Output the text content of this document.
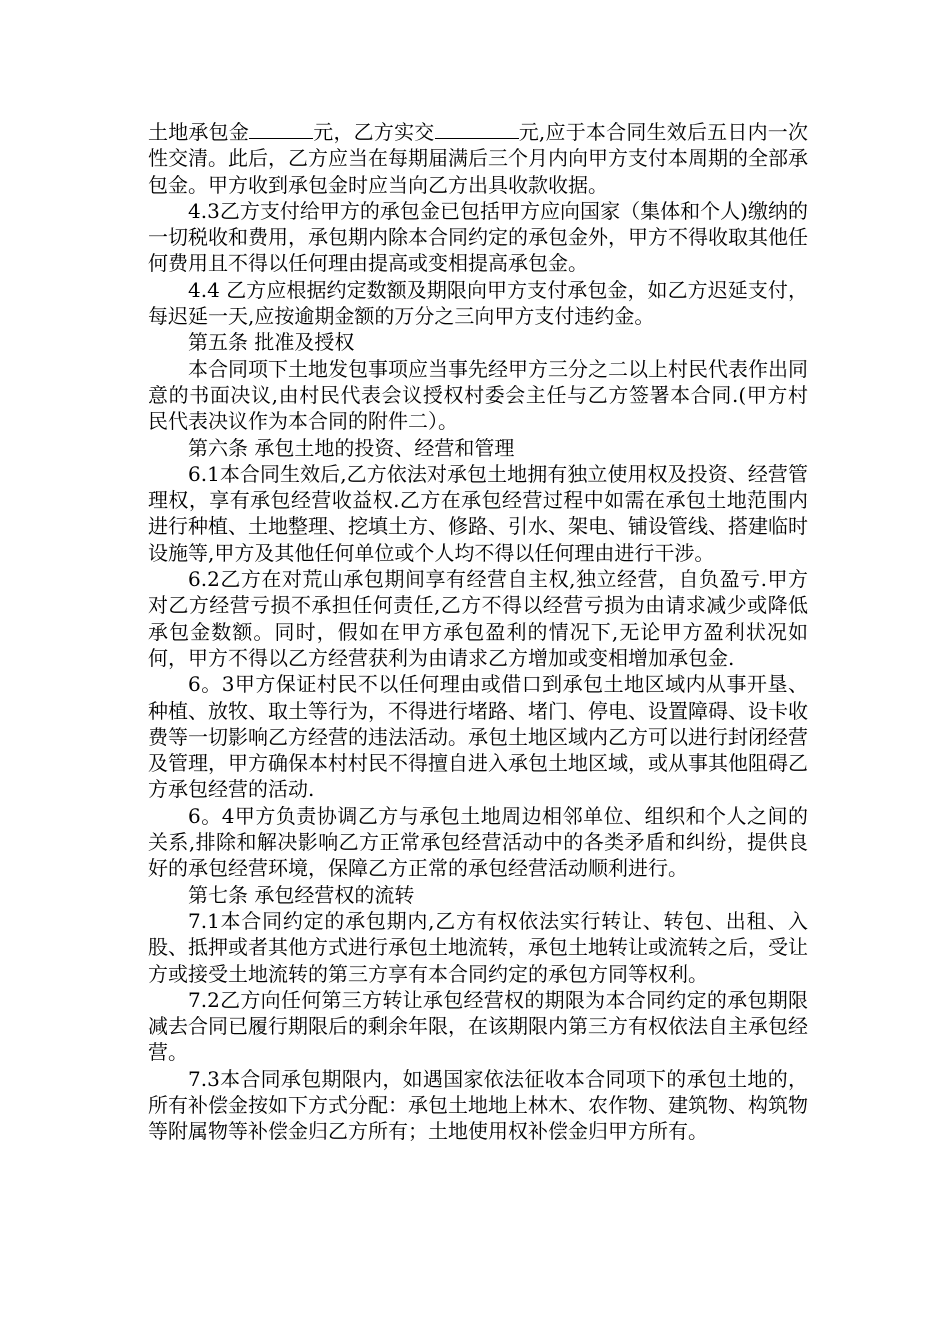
土地承包金	元，乙方实交	元,应于本合同生效后五日内一次性交清。此后，乙方应当在每期届满后三个月内向甲方支付本周期的全部承包金。甲方收到承包金时应当向乙方出具收款收据。

4.3乙方支付给甲方的承包金已包括甲方应向国家（集体和个人)缴纳的一切税收和费用，承包期内除本合同约定的承包金外，甲方不得收取其他任何费用且不得以任何理由提高或变相提高承包金。

4.4 乙方应根据约定数额及期限向甲方支付承包金，如乙方迟延支付，每迟延一天,应按逾期金额的万分之三向甲方支付违约金。

第五条 批准及授权

本合同项下土地发包事项应当事先经甲方三分之二以上村民代表作出同意的书面决议,由村民代表会议授权村委会主任与乙方签署本合同.(甲方村民代表决议作为本合同的附件二）。

第六条 承包土地的投资、经营和管理

6.1本合同生效后,乙方依法对承包土地拥有独立使用权及投资、经营管理权，享有承包经营收益权.乙方在承包经营过程中如需在承包土地范围内进行种植、土地整理、挖填土方、修路、引水、架电、铺设管线、搭建临时设施等,甲方及其他任何单位或个人均不得以任何理由进行干涉。

6.2乙方在对荒山承包期间享有经营自主权,独立经营，自负盈亏.甲方对乙方经营亏损不承担任何责任,乙方不得以经营亏损为由请求减少或降低承包金数额。同时，假如在甲方承包盈利的情况下,无论甲方盈利状况如何，甲方不得以乙方经营获利为由请求乙方增加或变相增加承包金.

6。3甲方保证村民不以任何理由或借口到承包土地区域内从事开垦、种植、放牧、取土等行为，不得进行堵路、堵门、停电、设置障碍、设卡收费等一切影响乙方经营的违法活动。承包土地区域内乙方可以进行封闭经营及管理，甲方确保本村村民不得擅自进入承包土地区域，或从事其他阻碍乙方承包经营的活动.

6。4甲方负责协调乙方与承包土地周边相邻单位、组织和个人之间的关系,排除和解决影响乙方正常承包经营活动中的各类矛盾和纠纷，提供良好的承包经营环境，保障乙方正常的承包经营活动顺利进行。

第七条 承包经营权的流转

7.1本合同约定的承包期内,乙方有权依法实行转让、转包、出租、入股、抵押或者其他方式进行承包土地流转，承包土地转让或流转之后，受让方或接受土地流转的第三方享有本合同约定的承包方同等权利。

7.2乙方向任何第三方转让承包经营权的期限为本合同约定的承包期限减去合同已履行期限后的剩余年限，在该期限内第三方有权依法自主承包经营。

7.3本合同承包期限内，如遇国家依法征收本合同项下的承包土地的，所有补偿金按如下方式分配：承包土地地上林木、农作物、建筑物、构筑物等附属物等补偿金归乙方所有；土地使用权补偿金归甲方所有。
